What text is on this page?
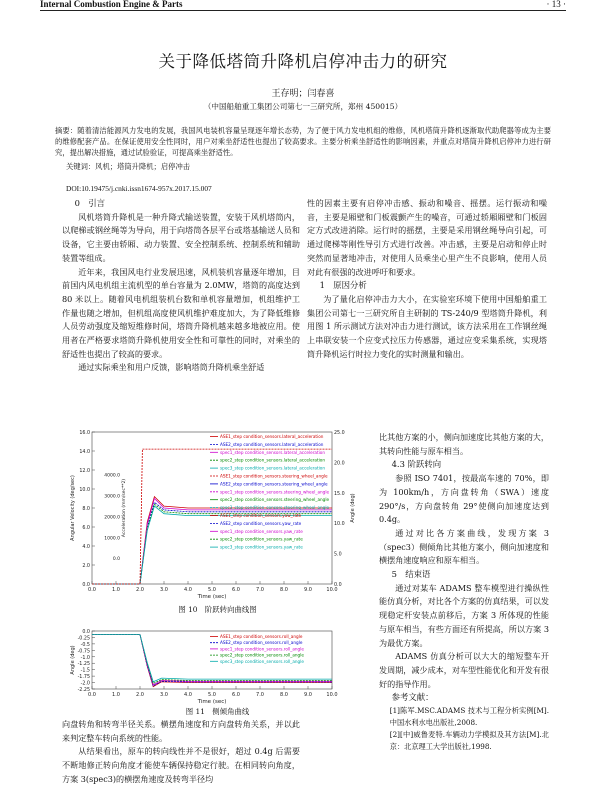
Internal Combustion Engine & Parts	· 13 ·
关于降低塔筒升降机启停冲击力的研究
王存明；闫春喜
（中国船舶重工集团公司第七一三研究所，郑州 450015）
摘要：随着清洁能源风力发电的发展，我国风电装机容量呈现逐年增长态势，为了便于风力发电机组的维修，风机塔筒升降机逐渐取代助爬器等成为主要的维修配套产品。在保证使用安全性同时，用户对乘坐舒适性也提出了较高要求。主要分析乘坐舒适性的影响因素，并重点对塔筒升降机启停冲力进行研究，提出解决措施，通过试验验证，可提高乘坐舒适性。
关键词：风机；塔筒升降机；启停冲击
DOI:10.19475/j.cnki.issn1674-957x.2017.15.007
0　引言

风机塔筒升降机是一种升降式输送装置，安装于风机塔筒内，以爬梯或钢丝绳等为导向，用于向塔筒各层平台或塔基输送人员和设备，它主要由轿厢、动力装置、安全控制系统、控制系统和辅助装置等组成。

近年来，我国风电行业发展迅速，风机装机容量逐年增加，目前国内风电机组主流机型的单台容量为 2.0MW，塔筒的高度达到 80 米以上。随着风电机组装机台数和单机容量增加，机组维护工作量也随之增加，但机组高度使风机维护难度加大，为了降低维修人员劳动强度及缩短维修时间，塔筒升降机越来越多地被应用。使用者在严格要求塔筒升降机使用安全性和可靠性的同时，对乘坐的舒适性也提出了较高的要求。

通过实际乘坐和用户反馈，影响塔筒升降机乘坐舒适

性的因素主要有启停冲击感、振动和噪音、摇摆。运行振动和噪音，主要是厢壁和门板震颤产生的噪音，可通过轿厢厢壁和门板固定方式改进消除。运行时的摇摆，主要是采用钢丝绳导向引起，可通过爬梯等刚性导引方式进行改善。冲击感，主要是启动和停止时突然而显著地冲击，对使用人员乘坐心里产生不良影响，使用人员对此有很强的改进呼吁和要求。

1　原因分析

为了量化启停冲击力大小，在实验室环境下使用中国船舶重工集团公司第七一三研究所自主研制的 TS-240/9 型塔筒升降机，利用图 1 所示测试方法对冲击力进行测试，该方法采用在工作钢丝绳上串联安装一个应变式拉压力传感器，通过应变采集系统，实现塔筒升降机运行时拉力变化的实时测量和输出。

比其他方案的小，侧向加速度比其他方案的大，其转向性能与原车相当。

4.3 阶跃转向

参照 ISO 7401，按最高车速的 70%，即为 100km/h，方向盘转角（SWA）速度 290°/s，方向盘转角 29°使侧向加速度达到 0.4g。

通过对比各方案曲线，发现方案 3（spec3）侧倾角比其他方案小，侧向加速度和横摆角速度响应和原车相当。

5　结束语

通过对某车 ADAMS 整车模型进行操纵性能仿真分析，对比各个方案的仿真结果，可以发现稳定杆安装点前移后，方案 3 所体现的性能与原车相当，有些方面还有所提高，所以方案 3 为最优方案。

ADAMS 仿真分析可以大大的缩短整车开发周期，减少成本，对车型性能优化和开发有很好的指导作用。

参考文献：

[1]陈军.MSC.ADAMS 技术与工程分析实例[M].中国水利水电出版社,2008.

[2][中]威鲁麦特.车辆动力学模拟及其方法[M].北京：北京理工大学出版社,1998.

向盘转角和转弯半径关系。横摆角速度和方向盘转角关系，并以此来判定整车转向系统的性能。

从结果看出，原车的转向线性并不是很好，超过 0.4g 后需要不断地修正转向角度才能使车辆保持稳定行驶。在相同转向角度，方案 3(spec3)的横摆角速度及转弯半径均

0.0	1.0	2.0	3.0	4.0	5.0	6.0	7.0	8.0	9.0	10.0
Time (sec)
16.0
14.0
12.0
10.0
8.0
6.0
4.0
2.0
0.0
Angular Velocity (deg/sec)	4000.0
3000.0
2000.0
1000.0
0.0
Acceleration (mm/sec**2)
25.0
20.0
15.0
10.0
5.0
0.0
Angle (deg)
ASE1_step condition_sensors.lateral_acceleration
ASE2_step condition_sensors.lateral_acceleration
spec1_step condition_sensors.lateral_acceleration
spec2_step condition_sensors.lateral_acceleration
spec3_step condition_sensors.lateral_acceleration
ASE1_step condition_sensors.steering_wheel_angle
ASE2_step condition_sensors.steering_wheel_angle
spec1_step condition_sensors.steering_wheel_angle
spec2_step condition_sensors.steering_wheel_angle
spec3_step condition_sensors.steering_wheel_angle
ASE1_step condition_sensors.yaw_rate
ASE2_step condition_sensors.yaw_rate
spec1_step condition_sensors.yaw_rate
spec2_step condition_sensors.yaw_rate
spec3_step condition_sensors.yaw_rate
图 10　阶跃转向曲线图
0.0	1.0	2.0	3.0	4.0	5.0	6.0	7.0	8.0	9.0	10.0
Time (sec)
0.0
-0.25
-0.5
-0.75
-1.0
-1.25
-1.5
-1.75
-2.0
-2.25
Angle (deg)
ASE1_step condition_sensors.roll_angle
ASE2_step condition_sensors.roll_angle
spec1_step condition_sensors.roll_angle
spec2_step condition_sensors.roll_angle
spec3_step condition_sensors.roll_angle
图 11　侧倾角曲线
